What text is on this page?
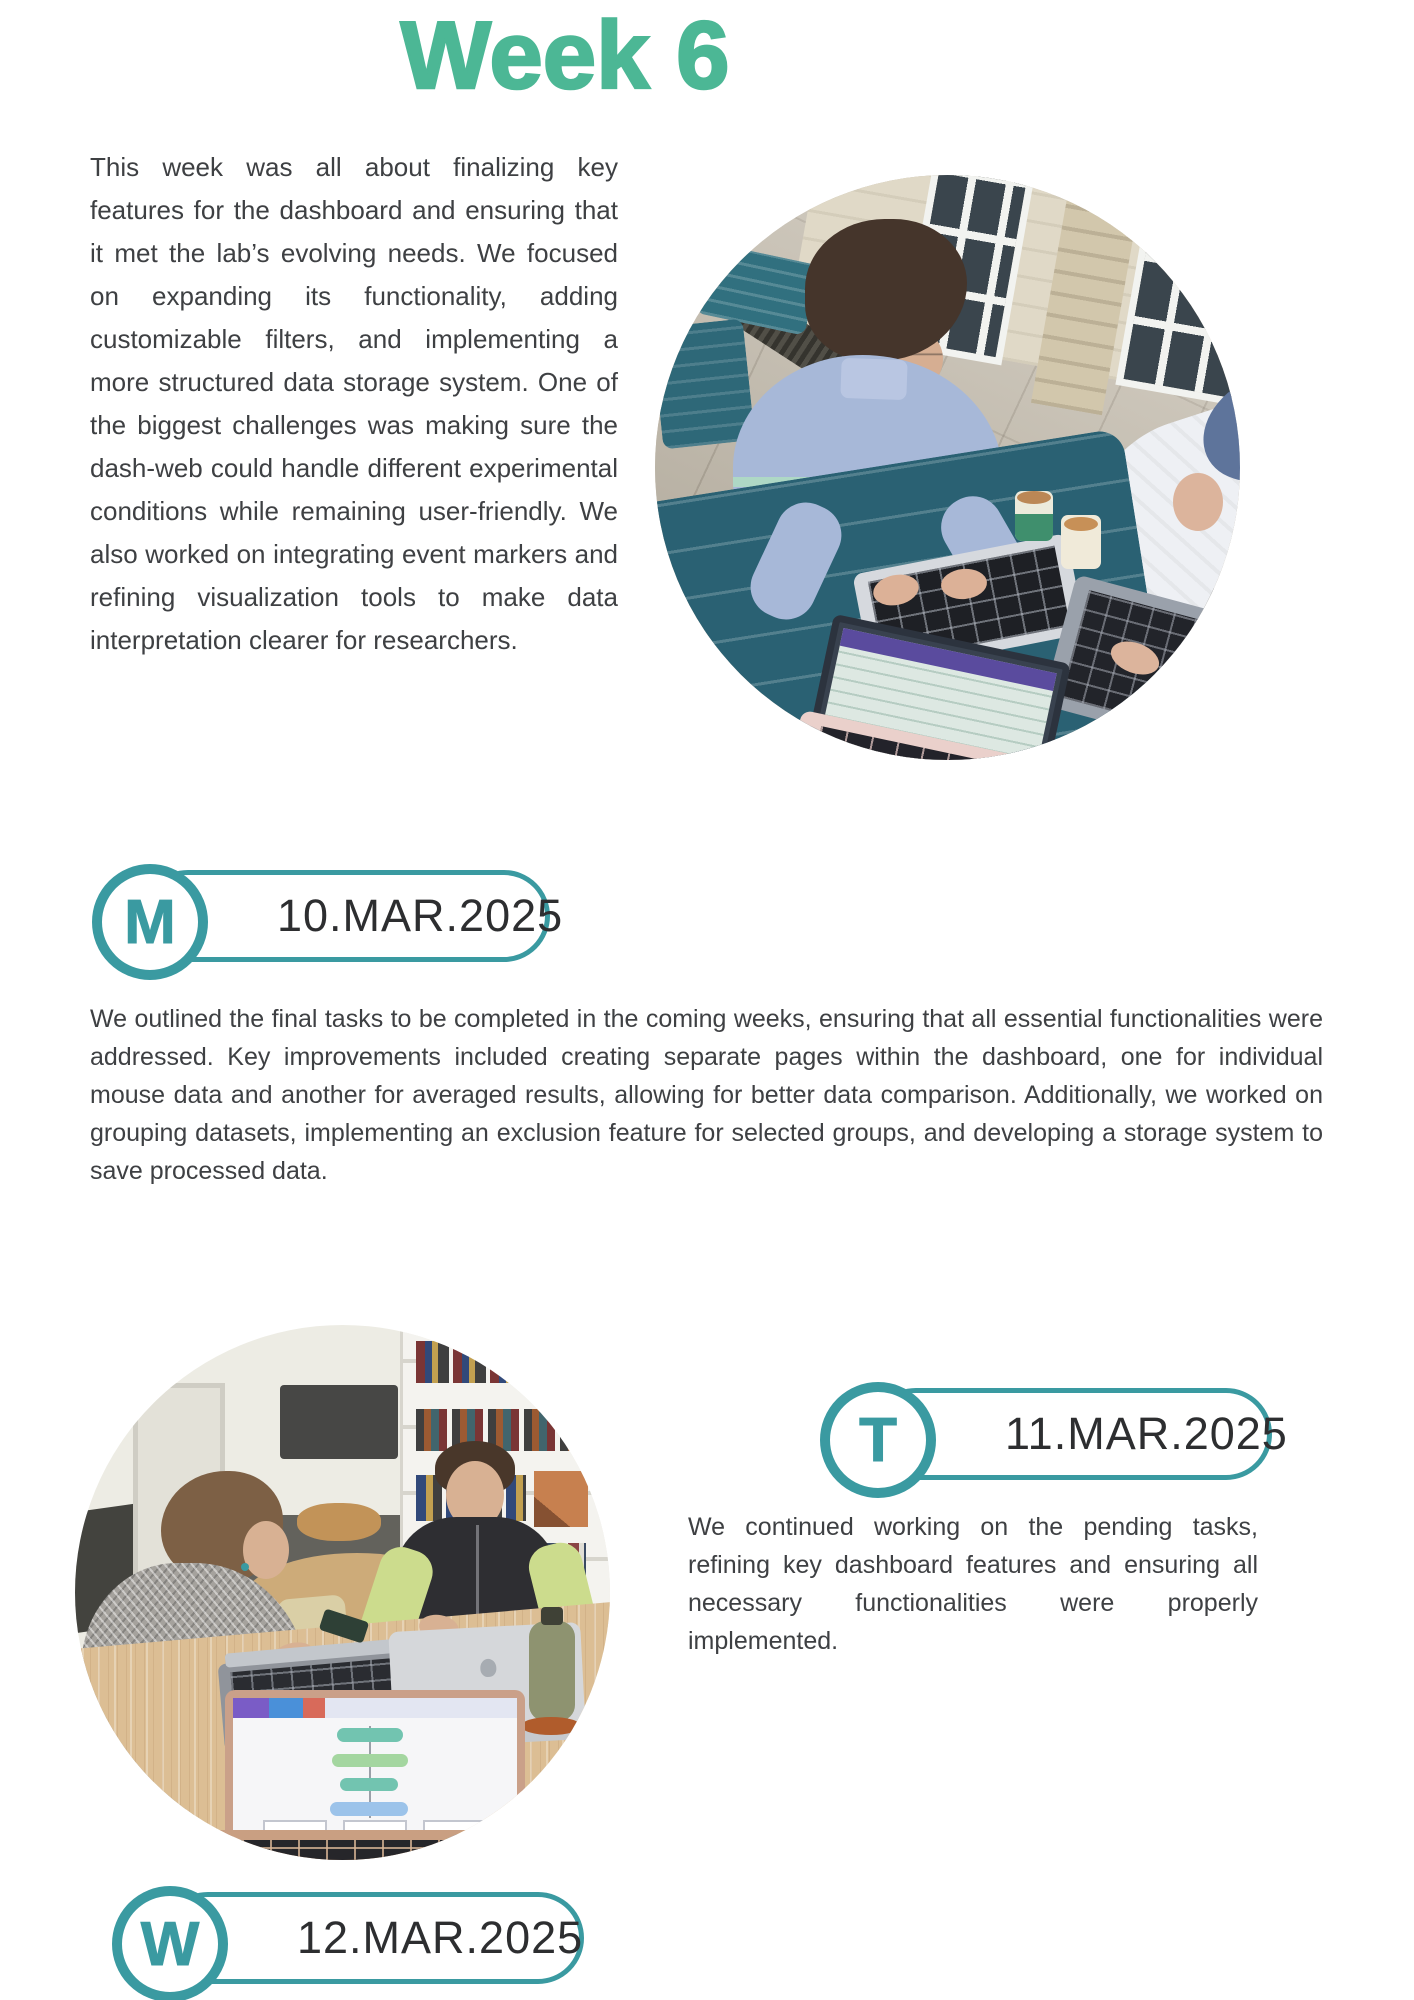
Week 6

This week was all about finalizing key features for the dashboard and ensuring that it met the lab’s evolving needs. We focused on expanding its functionality, adding customizable filters, and implementing a more structured data storage system. One of the biggest challenges was making sure the dash-web could handle different experimental conditions while remaining user-friendly. We also worked on integrating event markers and refining visualization tools to make data interpretation clearer for researchers.

10.MAR.2025
M

We outlined the final tasks to be completed in the coming weeks, ensuring that all essential functionalities were addressed. Key improvements included creating separate pages within the dashboard, one for individual mouse data and another for averaged results, allowing for better data comparison. Additionally, we worked on grouping datasets, implementing an exclusion feature for selected groups, and developing a storage system to save processed data.

11.MAR.2025
T

We continued working on the pending tasks, refining key dashboard features and ensuring all necessary functionalities were properly implemented.

12.MAR.2025
W
